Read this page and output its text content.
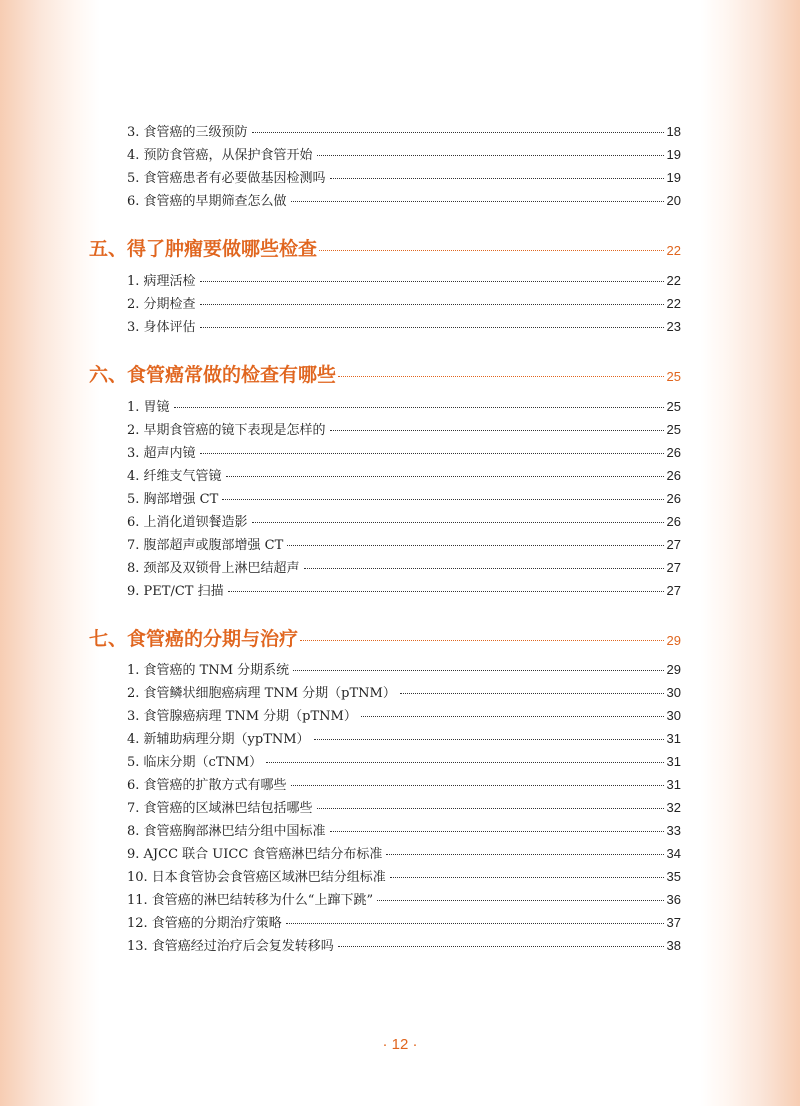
3. 食管癌的三级预防	18
4. 预防食管癌，从保护食管开始	19
5. 食管癌患者有必要做基因检测吗	19
6. 食管癌的早期筛查怎么做	20
五、得了肿瘤要做哪些检查	22
1. 病理活检	22
2. 分期检查	22
3. 身体评估	23
六、食管癌常做的检查有哪些	25
1. 胃镜	25
2. 早期食管癌的镜下表现是怎样的	25
3. 超声内镜	26
4. 纤维支气管镜	26
5. 胸部增强 CT	26
6. 上消化道钡餐造影	26
7. 腹部超声或腹部增强 CT	27
8. 颈部及双锁骨上淋巴结超声	27
9. PET/CT 扫描	27
七、食管癌的分期与治疗	29
1. 食管癌的 TNM 分期系统	29
2. 食管鳞状细胞癌病理 TNM 分期（pTNM）	30
3. 食管腺癌病理 TNM 分期（pTNM）	30
4. 新辅助病理分期（ypTNM）	31
5. 临床分期（cTNM）	31
6. 食管癌的扩散方式有哪些	31
7. 食管癌的区域淋巴结包括哪些	32
8. 食管癌胸部淋巴结分组中国标准	33
9. AJCC 联合 UICC 食管癌淋巴结分布标准	34
10. 日本食管协会食管癌区域淋巴结分组标准	35
11. 食管癌的淋巴结转移为什么“上蹿下跳”	36
12. 食管癌的分期治疗策略	37
13. 食管癌经过治疗后会复发转移吗	38
· 12 ·
